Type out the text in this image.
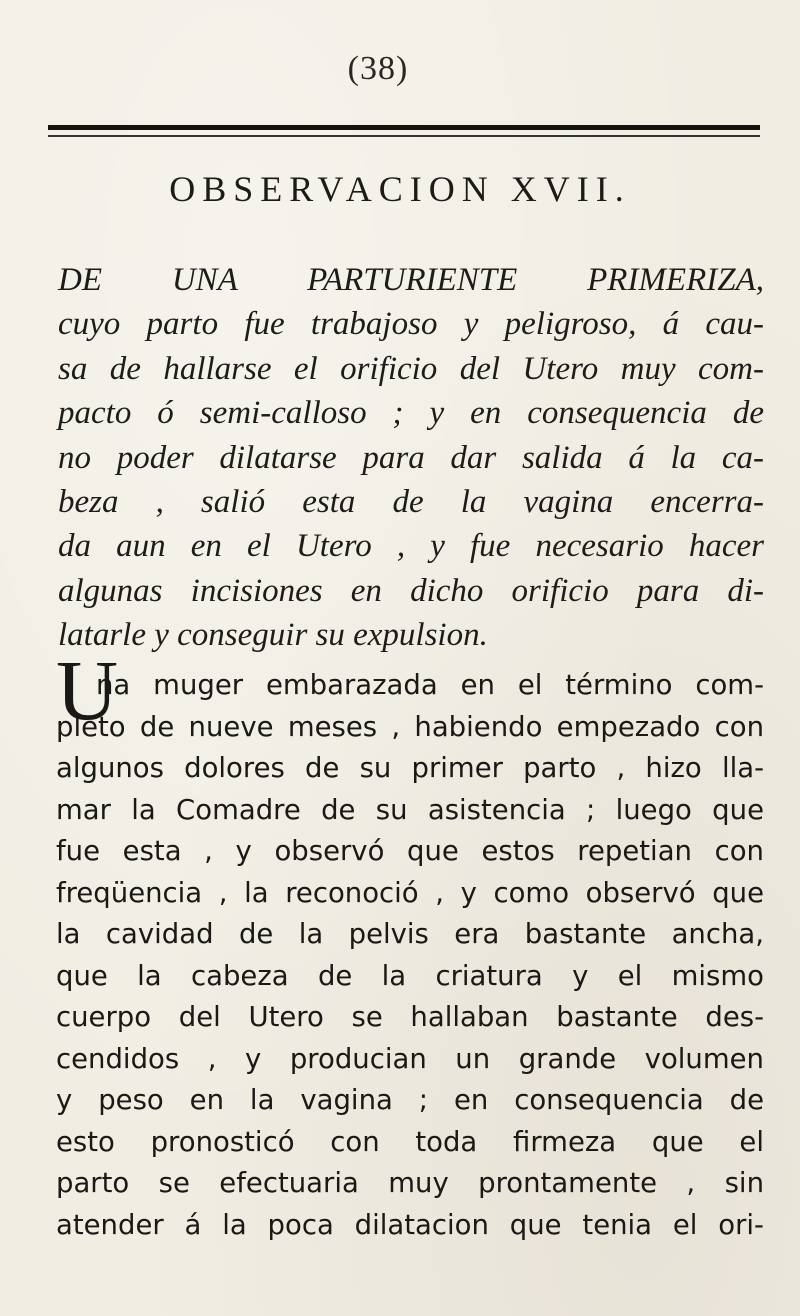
(38)
OBSERVACION XVII.
DE UNA PARTURIENTE PRIMERIZA,
cuyo parto fue trabajoso y peligroso, á cau-
sa de hallarse el orificio del Utero muy com-
pacto ó semi-calloso ; y en consequencia de
no poder dilatarse para dar salida á la ca-
beza , salió esta de la vagina encerra-
da aun en el Utero , y fue necesario hacer
algunas incisiones en dicho orificio para di-
latarle y conseguir su expulsion.
U
na muger embarazada en el término com-
pleto de nueve meses , habiendo empezado con
algunos dolores de su primer parto , hizo lla-
mar la Comadre de su asistencia ; luego que
fue esta , y observó que estos repetian con
freqüencia , la reconoció , y como observó que
la cavidad de la pelvis era bastante ancha,
que la cabeza de la criatura y el mismo
cuerpo del Utero se hallaban bastante des-
cendidos , y producian un grande volumen
y peso en la vagina ; en consequencia de
esto pronosticó con toda firmeza que el
parto se efectuaria muy prontamente , sin
atender á la poca dilatacion que tenia el ori-
